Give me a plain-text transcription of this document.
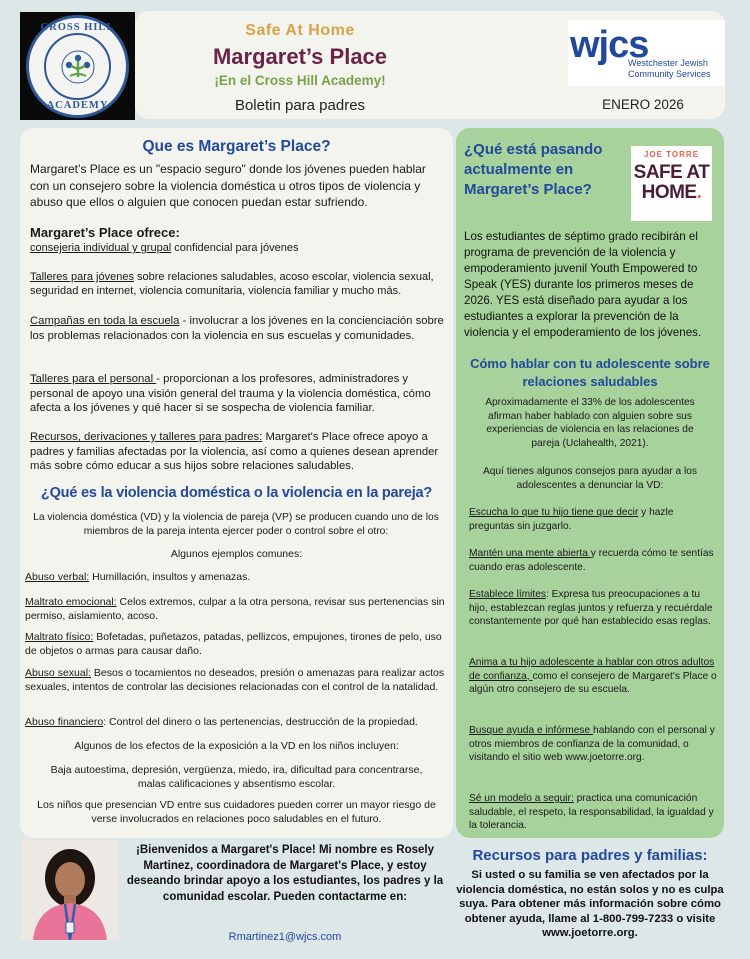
CROSS HILL
ACADEMY
Safe At Home
Margaret’s Place
¡En el Cross Hill Academy!
Boletin para padres	ENERO 2026
wjcs
Westchester Jewish
Community Services
Que es Margaret’s Place?
Margaret’s Place es un "espacio seguro" donde los jóvenes pueden hablar con un consejero sobre la violencia doméstica u otros tipos de violencia y abuso que ellos o alguien que conocen puedan estar sufriendo.
Margaret’s Place ofrece:
consejeria individual y grupal confidencial para jóvenes
Talleres para jóvenes sobre relaciones saludables, acoso escolar, violencia sexual, seguridad en internet, violencia comunitaria, violencia familiar y mucho más.
Campañas en toda la escuela - involucrar a los jóvenes en la concienciación sobre los problemas relacionados con la violencia en sus escuelas y comunidades.
Talleres para el personal - proporcionan a los profesores, administradores y personal de apoyo una visión general del trauma y la violencia doméstica, cómo afecta a los jóvenes y qué hacer si se sospecha de violencia familiar.
Recursos, derivaciones y talleres para padres: Margaret's Place ofrece apoyo a padres y familias afectadas por la violencia, así como a quienes desean aprender más sobre cómo educar a sus hijos sobre relaciones saludables.
¿Qué es la violencia doméstica o la violencia en la pareja?
La violencia doméstica (VD) y la violencia de pareja (VP) se producen cuando uno de los miembros de la pareja intenta ejercer poder o control sobre el otro:
Algunos ejemplos comunes:
Abuso verbal: Humillación, insultos y amenazas.
Maltrato emocional: Celos extremos, culpar a la otra persona, revisar sus pertenencias sin permiso, aislamiento, acoso.
Maltrato físico: Bofetadas, puñetazos, patadas, pellizcos, empujones, tirones de pelo, uso de objetos o armas para causar daño.
Abuso sexual: Besos o tocamientos no deseados, presión o amenazas para realizar actos sexuales, intentos de controlar las decisiones relacionadas con el control de la natalidad.
Abuso financiero: Control del dinero o las pertenencias, destrucción de la propiedad.
Algunos de los efectos de la exposición a la VD en los niños incluyen:
Baja autoestima, depresión, vergüenza, miedo, ira, dificultad para concentrarse, malas calificaciones y absentismo escolar.
Los niños que presencian VD entre sus cuidadores pueden correr un mayor riesgo de verse involucrados en relaciones poco saludables en el futuro.
¿Qué está pasando actualmente en Margaret’s Place?
JOE TORRE
SAFE AT
HOME.
Los estudiantes de séptimo grado recibirán el programa de prevención de la violencia y empoderamiento juvenil Youth Empowered to Speak (YES) durante los primeros meses de 2026. YES está diseñado para ayudar a los estudiantes a explorar la prevención de la violencia y el empoderamiento de los jóvenes.
Cómo hablar con tu adolescente sobre relaciones saludables
Aproximadamente el 33% de los adolescentes afirman haber hablado con alguien sobre sus experiencias de violencia en las relaciones de pareja (Uclahealth, 2021).
Aquí tienes algunos consejos para ayudar a los adolescentes a denunciar la VD:
Escucha lo que tu hijo tiene que decir y hazle preguntas sin juzgarlo.
Mantén una mente abierta y recuerda cómo te sentías cuando eras adolescente.
Establece límites: Expresa tus preocupaciones a tu hijo, establezcan reglas juntos y refuerza y recuérdale constantemente por qué han establecido esas reglas.
Anima a tu hijo adolescente a hablar con otros adultos de confianza, como el consejero de Margaret's Place o algún otro consejero de su escuela.
Busque ayuda e infórmese hablando con el personal y otros miembros de confianza de la comunidad, o visitando el sitio web www.joetorre.org.
Sé un modelo a seguir: practica una comunicación saludable, el respeto, la responsabilidad, la igualdad y la tolerancia.
¡Bienvenidos a Margaret's Place! Mi nombre es Rosely Martinez, coordinadora de Margaret's Place, y estoy deseando brindar apoyo a los estudiantes, los padres y la comunidad escolar. Pueden contactarme en:
Rmartinez1@wjcs.com
Recursos para padres y familias:
Si usted o su familia se ven afectados por la violencia doméstica, no están solos y no es culpa suya. Para obtener más información sobre cómo obtener ayuda, llame al 1-800-799-7233 o visite www.joetorre.org.
